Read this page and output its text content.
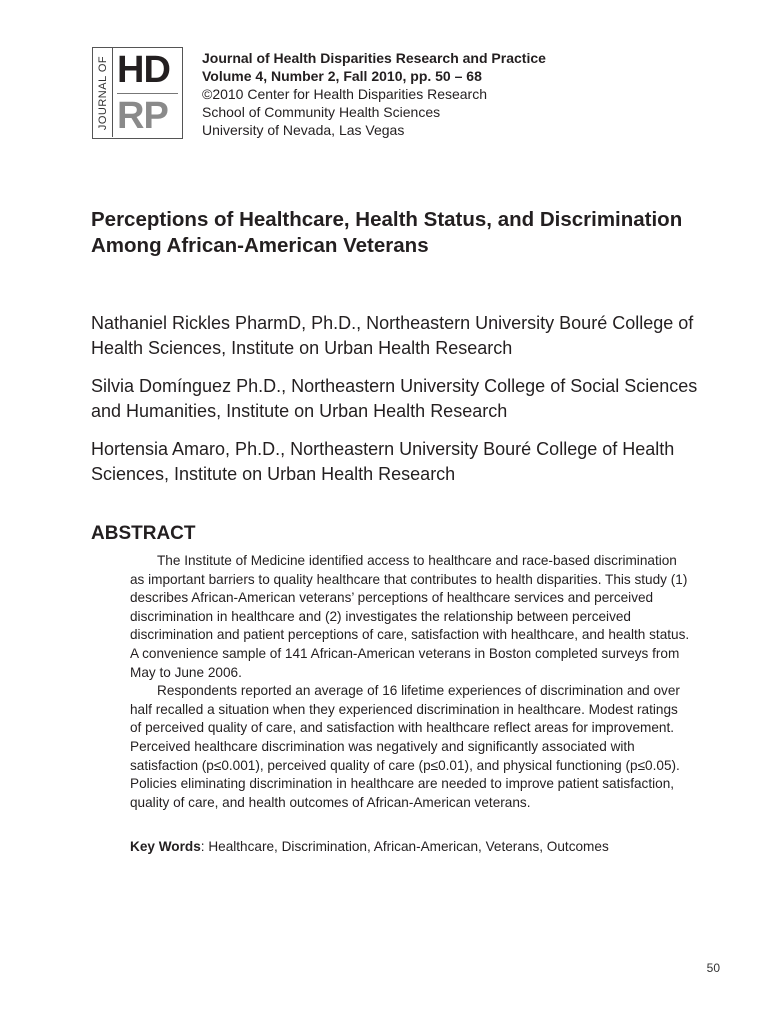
JOURNAL OF HD
RP
Journal of Health Disparities Research and Practice
Volume 4, Number 2, Fall 2010, pp. 50 – 68
©2010 Center for Health Disparities Research
School of Community Health Sciences
University of Nevada, Las Vegas
Perceptions of Healthcare, Health Status, and Discrimination Among African-American Veterans
Nathaniel Rickles PharmD, Ph.D., Northeastern University Bouré College of Health Sciences, Institute on Urban Health Research
Silvia Domínguez Ph.D., Northeastern University College of Social Sciences and Humanities, Institute on Urban Health Research
Hortensia Amaro, Ph.D., Northeastern University Bouré College of Health Sciences, Institute on Urban Health Research
ABSTRACT

The Institute of Medicine identified access to healthcare and race-based discrimination as important barriers to quality healthcare that contributes to health disparities. This study (1) describes African-American veterans’ perceptions of healthcare services and perceived discrimination in healthcare and (2) investigates the relationship between perceived discrimination and patient perceptions of care, satisfaction with healthcare, and health status. A convenience sample of 141 African-American veterans in Boston completed surveys from May to June 2006.

Respondents reported an average of 16 lifetime experiences of discrimination and over half recalled a situation when they experienced discrimination in healthcare. Modest ratings of perceived quality of care, and satisfaction with healthcare reflect areas for improvement. Perceived healthcare discrimination was negatively and significantly associated with satisfaction (p≤0.001), perceived quality of care (p≤0.01), and physical functioning (p≤0.05). Policies eliminating discrimination in healthcare are needed to improve patient satisfaction, quality of care, and health outcomes of African-American veterans.

Key Words: Healthcare, Discrimination, African-American, Veterans, Outcomes
50
